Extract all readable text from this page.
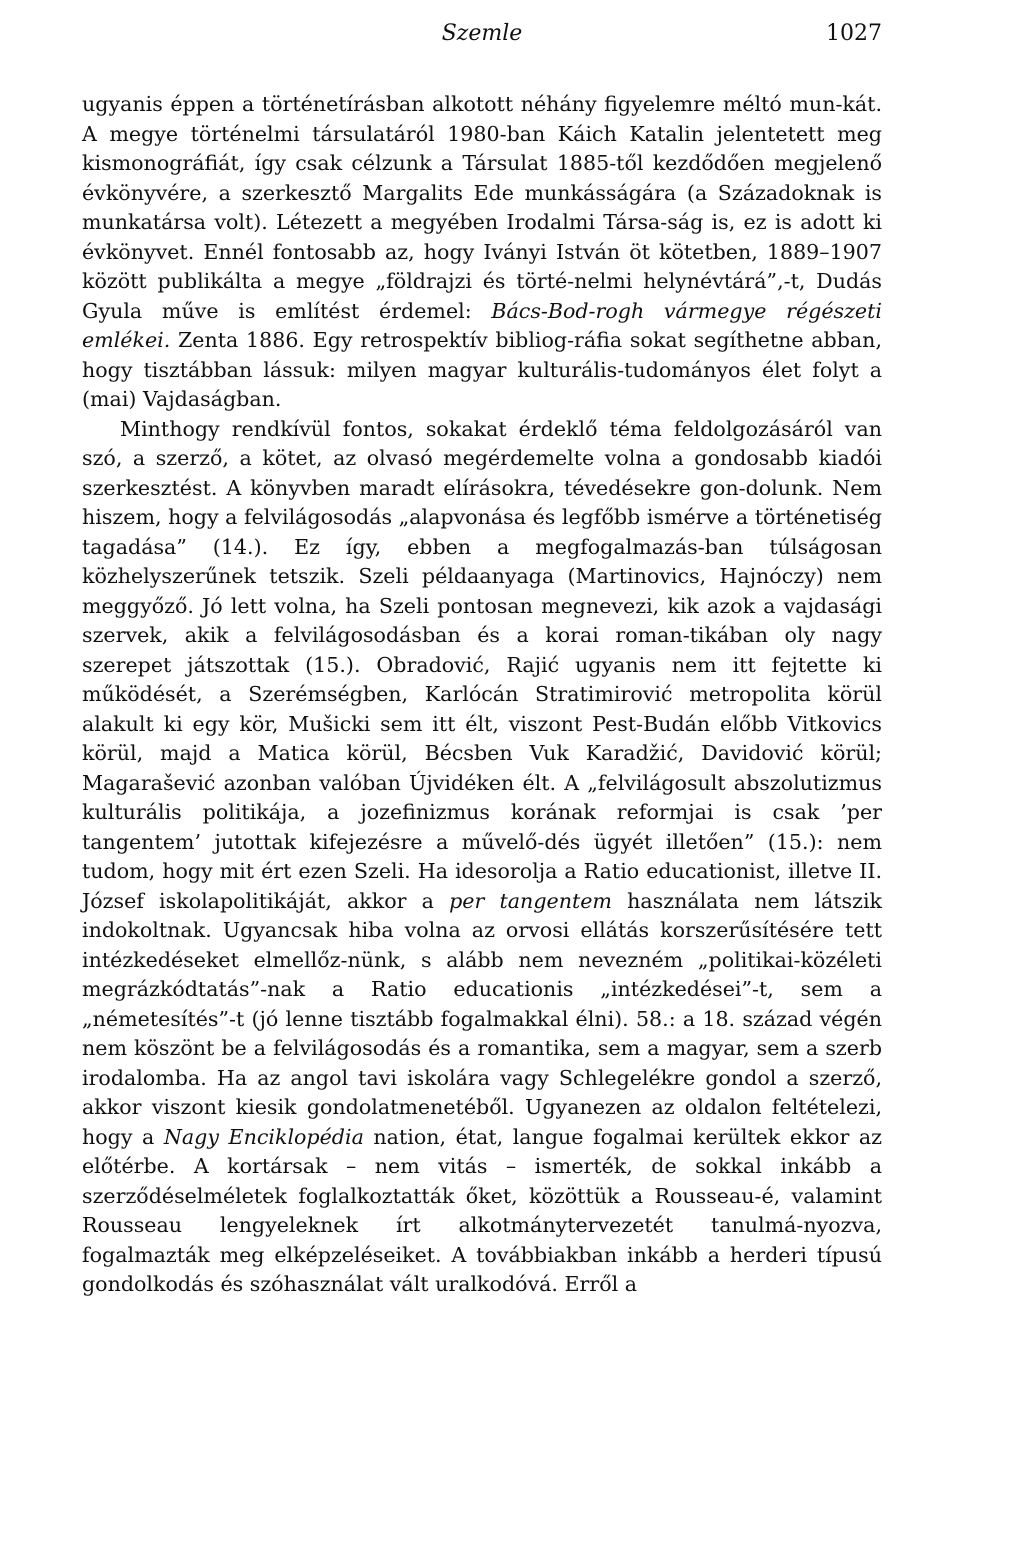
Szemle	1027

ugyanis éppen a történetírásban alkotott néhány figyelemre méltó mun-kát. A megye történelmi társulatáról 1980-ban Káich Katalin jelentetett meg kismonográfiát, így csak célzunk a Társulat 1885-től kezdődően megjelenő évkönyvére, a szerkesztő Margalits Ede munkásságára (a Századoknak is munkatársa volt). Létezett a megyében Irodalmi Társa-ság is, ez is adott ki évkönyvet. Ennél fontosabb az, hogy Iványi István öt kötetben, 1889–1907 között publikálta a megye „földrajzi és törté-nelmi helynévtárá”,-t, Dudás Gyula műve is említést érdemel: Bács-Bod-rogh vármegye régészeti emlékei. Zenta 1886. Egy retrospektív bibliog-ráfia sokat segíthetne abban, hogy tisztábban lássuk: milyen magyar kulturális-tudományos élet folyt a (mai) Vajdaságban.

Minthogy rendkívül fontos, sokakat érdeklő téma feldolgozásáról van szó, a szerző, a kötet, az olvasó megérdemelte volna a gondosabb kiadói szerkesztést. A könyvben maradt elírásokra, tévedésekre gon-dolunk. Nem hiszem, hogy a felvilágosodás „alapvonása és legfőbb ismérve a történetiség tagadása” (14.). Ez így, ebben a megfogalmazás-ban túlságosan közhelyszerűnek tetszik. Szeli példaanyaga (Martinovics, Hajnóczy) nem meggyőző. Jó lett volna, ha Szeli pontosan megnevezi, kik azok a vajdasági szervek, akik a felvilágosodásban és a korai roman-tikában oly nagy szerepet játszottak (15.). Obradović, Rajić ugyanis nem itt fejtette ki működését, a Szerémségben, Karlócán Stratimirović metropolita körül alakult ki egy kör, Mušicki sem itt élt, viszont Pest-Budán előbb Vitkovics körül, majd a Matica körül, Bécsben Vuk Karadžić, Davidović körül; Magarašević azonban valóban Újvidéken élt. A „felvilágosult abszolutizmus kulturális politikája, a jozefinizmus korának reformjai is csak ’per tangentem’ jutottak kifejezésre a művelő-dés ügyét illetően” (15.): nem tudom, hogy mit ért ezen Szeli. Ha idesorolja a Ratio educationist, illetve II. József iskolapolitikáját, akkor a per tangentem használata nem látszik indokoltnak. Ugyancsak hiba volna az orvosi ellátás korszerűsítésére tett intézkedéseket elmellőz-nünk, s alább nem nevezném „politikai-közéleti megrázkódtatás”-nak a Ratio educationis „intézkedései”-t, sem a „németesítés”-t (jó lenne tisztább fogalmakkal élni). 58.: a 18. század végén nem köszönt be a felvilágosodás és a romantika, sem a magyar, sem a szerb irodalomba. Ha az angol tavi iskolára vagy Schlegelékre gondol a szerző, akkor viszont kiesik gondolatmenetéből. Ugyanezen az oldalon feltételezi, hogy a Nagy Enciklopédia nation, état, langue fogalmai kerültek ekkor az előtérbe. A kortársak – nem vitás – ismerték, de sokkal inkább a szerződéselméletek foglalkoztatták őket, közöttük a Rousseau-é, valamint Rousseau lengyeleknek írt alkotmánytervezetét tanulmá-nyozva, fogalmazták meg elképzeléseiket. A továbbiakban inkább a herderi típusú gondolkodás és szóhasználat vált uralkodóvá. Erről a
